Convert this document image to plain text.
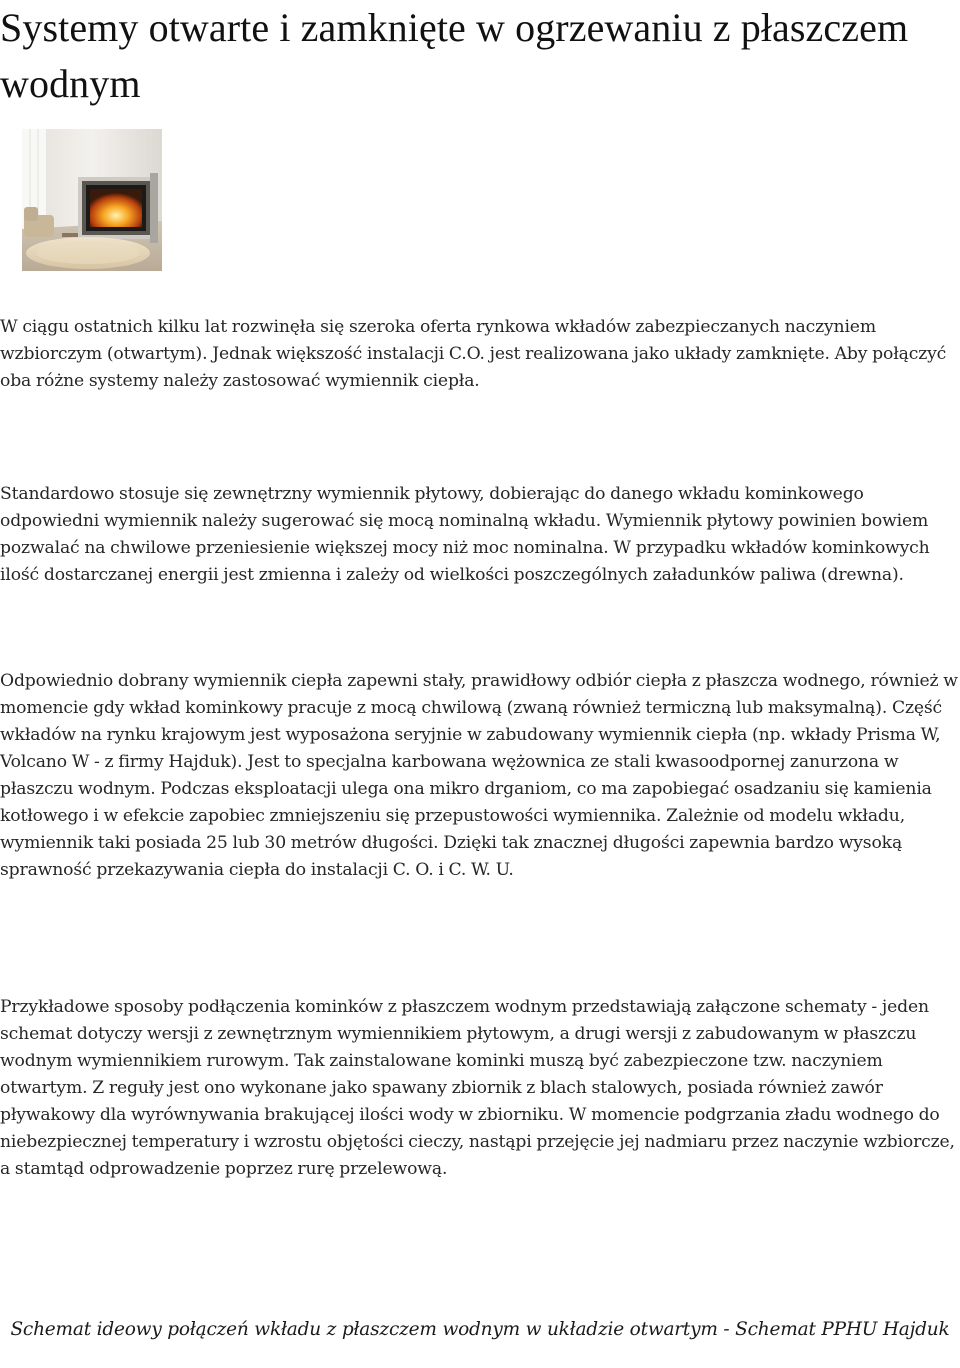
Systemy otwarte i zamknięte w ogrzewaniu z płaszczem wodnym

W ciągu ostatnich kilku lat rozwinęła się szeroka oferta rynkowa wkładów zabezpieczanych naczyniem wzbiorczym (otwartym). Jednak większość instalacji C.O. jest realizowana jako układy zamknięte. Aby połączyć oba różne systemy należy zastosować wymiennik ciepła.

Standardowo stosuje się zewnętrzny wymiennik płytowy, dobierając do danego wkładu kominkowego odpowiedni wymiennik należy sugerować się mocą nominalną wkładu. Wymiennik płytowy powinien bowiem pozwalać na chwilowe przeniesienie większej mocy niż moc nominalna. W przypadku wkładów kominkowych ilość dostarczanej energii jest zmienna i zależy od wielkości poszczególnych załadunków paliwa (drewna).

Odpowiednio dobrany wymiennik ciepła zapewni stały, prawidłowy odbiór ciepła z płaszcza wodnego, również w momencie gdy wkład kominkowy pracuje z mocą chwilową (zwaną również termiczną lub maksymalną). Część wkładów na rynku krajowym jest wyposażona seryjnie w zabudowany wymiennik ciepła (np. wkłady Prisma W, Volcano W - z firmy Hajduk). Jest to specjalna karbowana wężownica ze stali kwasoodpornej zanurzona w płaszczu wodnym. Podczas eksploatacji ulega ona mikro drganiom, co ma zapobiegać osadzaniu się kamienia kotłowego i w efekcie zapobiec zmniejszeniu się przepustowości wymiennika. Zależnie od modelu wkładu, wymiennik taki posiada 25 lub 30 metrów długości. Dzięki tak znacznej długości zapewnia bardzo wysoką sprawność przekazywania ciepła do instalacji C. O. i C. W. U.

Przykładowe sposoby podłączenia kominków z płaszczem wodnym przedstawiają załączone schematy - jeden schemat dotyczy wersji z zewnętrznym wymiennikiem płytowym, a drugi wersji z zabudowanym w płaszczu wodnym wymiennikiem rurowym. Tak zainstalowane kominki muszą być zabezpieczone tzw. naczyniem otwartym. Z reguły jest ono wykonane jako spawany zbiornik z blach stalowych, posiada również zawór pływakowy dla wyrównywania brakującej ilości wody w zbiorniku. W momencie podgrzania zładu wodnego do niebezpiecznej temperatury i wzrostu objętości cieczy, nastąpi przejęcie jej nadmiaru przez naczynie wzbiorcze, a stamtąd odprowadzenie poprzez rurę przelewową.

Schemat ideowy połączeń wkładu z płaszczem wodnym w układzie otwartym - Schemat PPHU Hajduk
